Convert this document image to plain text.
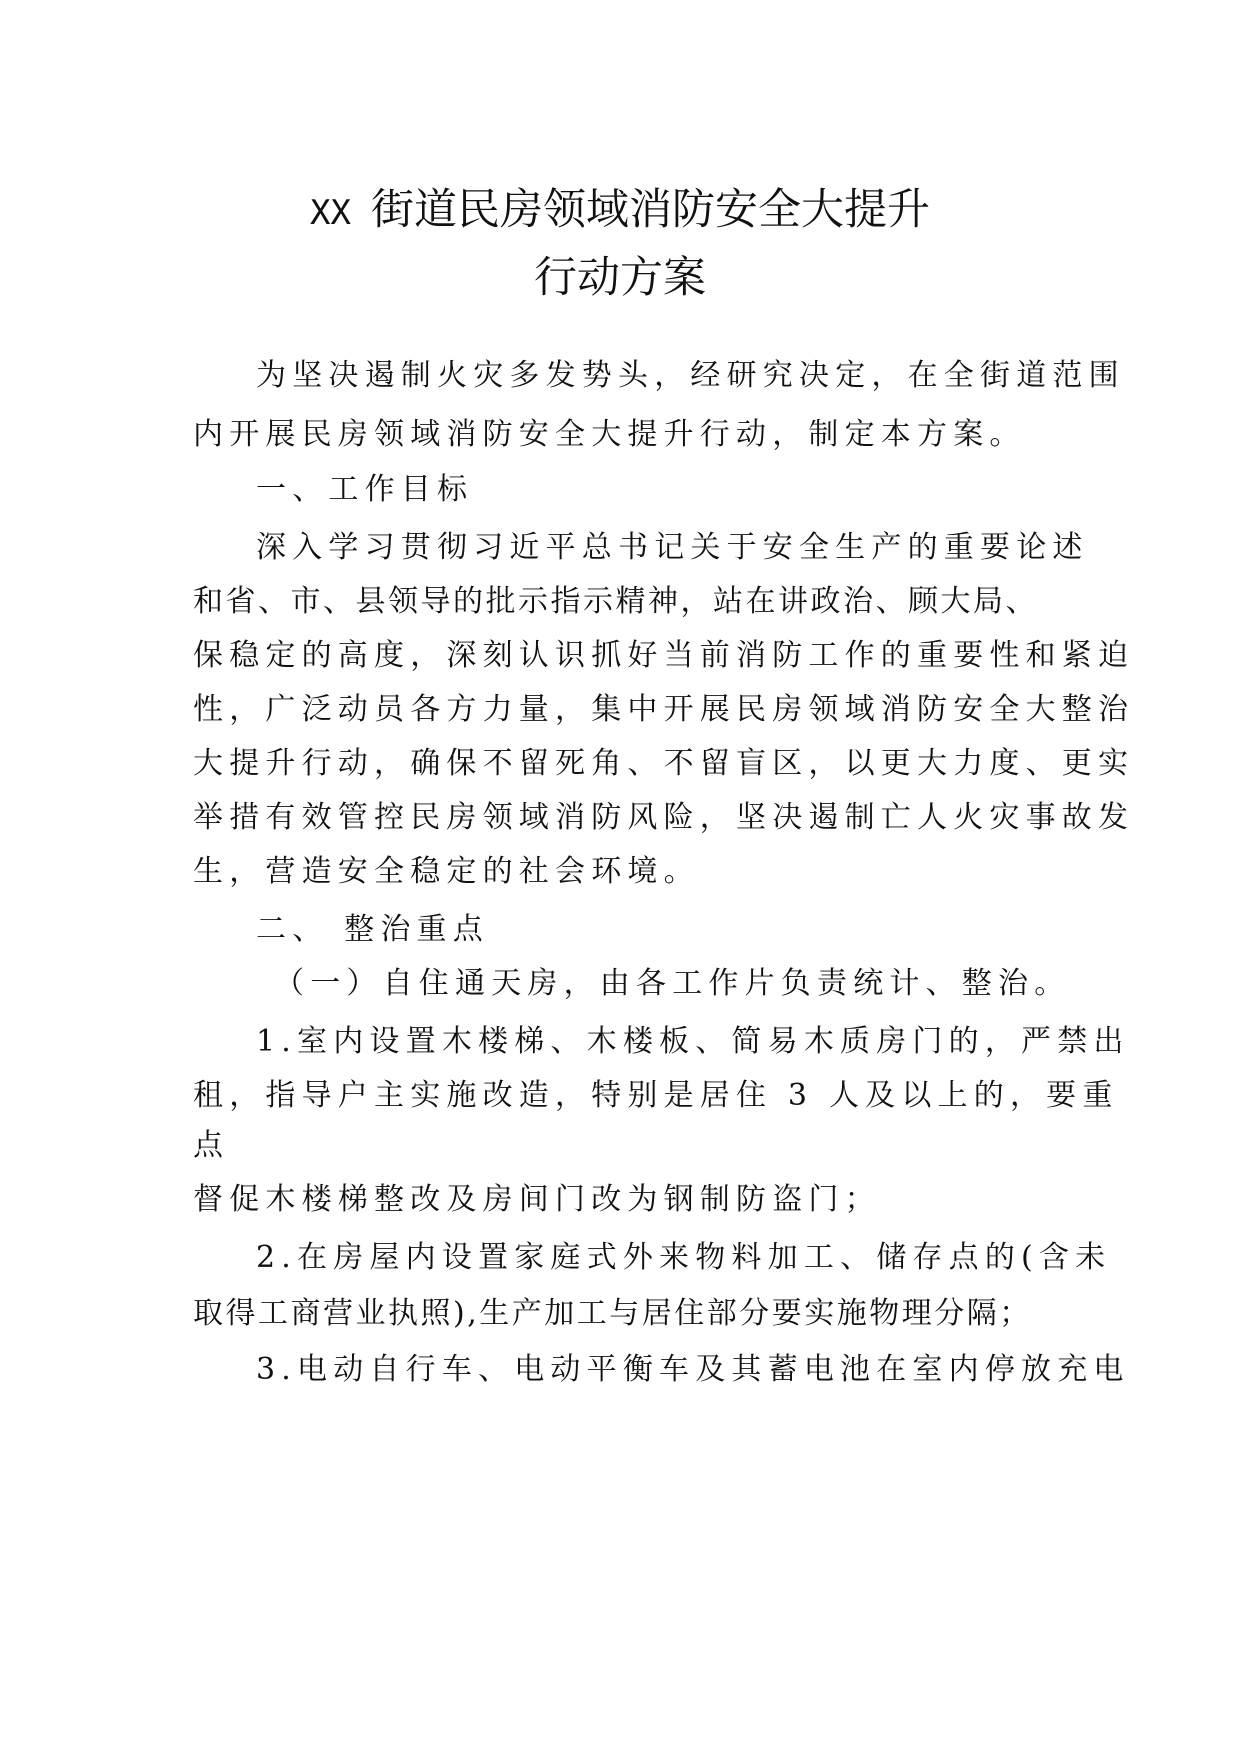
XX 街道民房领域消防安全大提升
行动方案
为坚决遏制火灾多发势头，经研究决定，在全街道范围
内开展民房领域消防安全大提升行动，制定本方案。
一、工作目标
深入学习贯彻习近平总书记关于安全生产的重要论述
和省、市、县领导的批示指示精神，站在讲政治、顾大局、
保稳定的高度，深刻认识抓好当前消防工作的重要性和紧迫
性，广泛动员各方力量，集中开展民房领域消防安全大整治
大提升行动，确保不留死角、不留盲区，以更大力度、更实
举措有效管控民房领域消防风险，坚决遏制亡人火灾事故发
生，营造安全稳定的社会环境。
二、 整治重点
（一）自住通天房，由各工作片负责统计、整治。
1.室内设置木楼梯、木楼板、简易木质房门的，严禁出
租，指导户主实施改造，特别是居住 3 人及以上的，要重
点
督促木楼梯整改及房间门改为钢制防盗门；
2.在房屋内设置家庭式外来物料加工、储存点的(含未
取得工商营业执照),生产加工与居住部分要实施物理分隔；
3.电动自行车、电动平衡车及其蓄电池在室内停放充电
